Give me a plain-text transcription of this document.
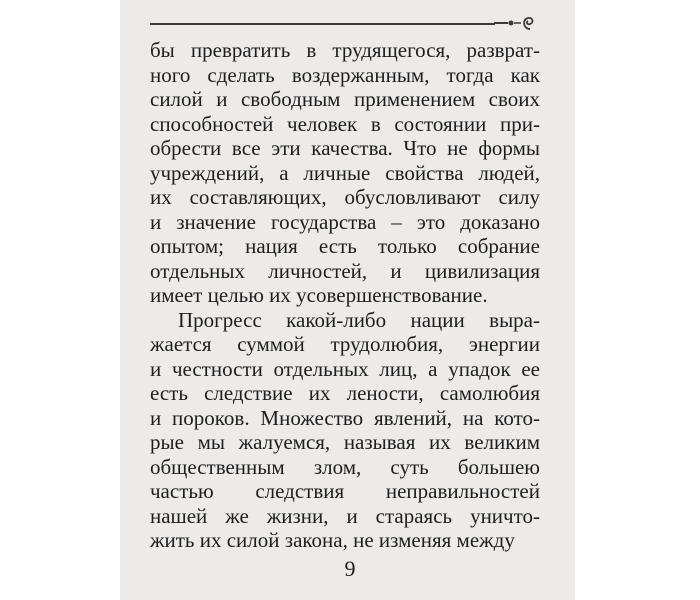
бы превратить в трудящегося, разврат-
ного сделать воздержанным, тогда как
силой и свободным применением своих
способностей человек в состоянии при-
обрести все эти качества. Что не формы
учреждений, а личные свойства людей,
их составляющих, обусловливают силу
и значение государства – это доказано
опытом; нация есть только собрание
отдельных личностей, и цивилизация
имеет целью их усовершенствование.
Прогресс какой-либо нации выра-
жается суммой трудолюбия, энергии
и честности отдельных лиц, а упадок ее
есть следствие их лености, самолюбия
и пороков. Множество явлений, на кото-
рые мы жалуемся, называя их великим
общественным злом, суть большею
частью следствия неправильностей
нашей же жизни, и стараясь уничто-
жить их силой закона, не изменяя между
9
